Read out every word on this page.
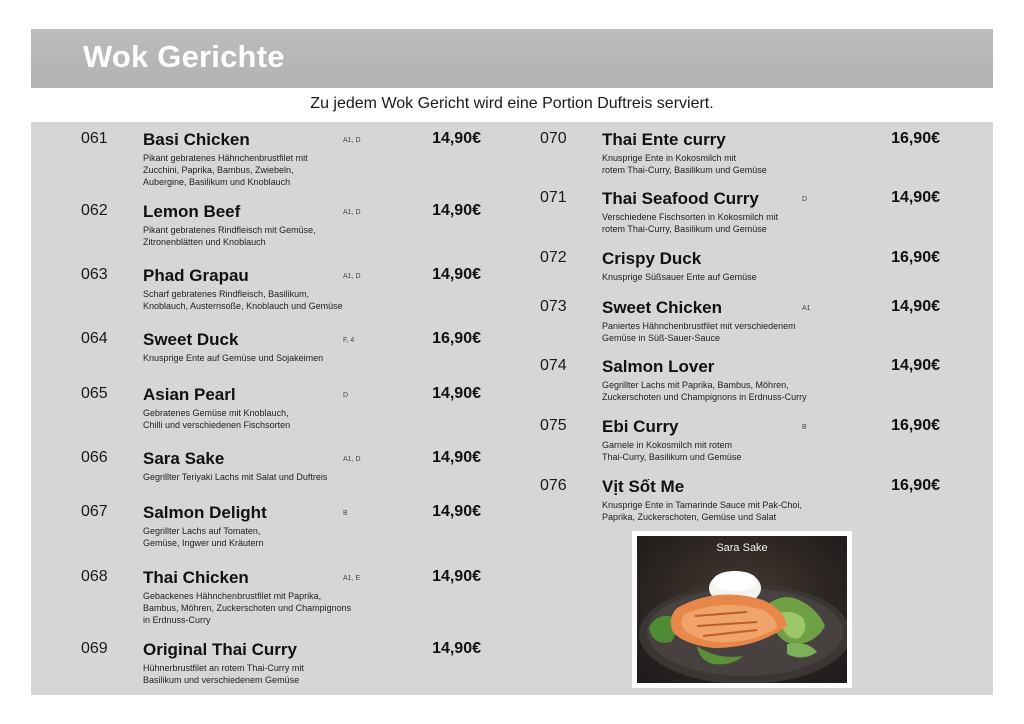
Wok Gerichte
Zu jedem Wok Gericht wird eine Portion Duftreis serviert.
061 Basi Chicken	A1, D	14,90€
Pikant gebratenes Hähnchenbrustfilet mit
Zucchini, Paprika, Bambus, Zwiebeln,
Aubergine, Basilikum und Knoblauch
062 Lemon Beef	A1, D	14,90€
Pikant gebratenes Rindfleisch mit Gemüse,
Zitronenblätten und Knoblauch
063 Phad Grapau	A1, D	14,90€
Scharf gebratenes Rindfleisch, Basilikum,
Knoblauch, Austernsoße, Knoblauch und Gemüse
064 Sweet Duck	F, 4	16,90€
Knusprige Ente auf Gemüse und Sojakeimen
065 Asian Pearl	D	14,90€
Gebratenes Gemüse mit Knoblauch,
Chilli und verschiedenen Fischsorten
066 Sara Sake	A1, D	14,90€
Gegrillter Teriyaki Lachs mit Salat und Duftreis
067 Salmon Delight	B	14,90€
Gegrillter Lachs auf Tomaten,
Gemüse, Ingwer und Kräutern
068 Thai Chicken	A1, E	14,90€
Gebackenes Hähnchenbrustfilet mit Paprika,
Bambus, Möhren, Zuckerschoten und Champignons
in Erdnuss-Curry
069 Original Thai Curry	14,90€
Hühnerbrustfilet an rotem Thai-Curry mit
Basilikum und verschiedenem Gemüse
070 Thai Ente curry	16,90€
Knusprige Ente in Kokosmilch mit
rotem Thai-Curry, Basilikum und Gemüse
071 Thai Seafood Curry	D	14,90€
Verschiedene Fischsorten in Kokosmilch mit
rotem Thai-Curry, Basilikum und Gemüse
072 Crispy Duck	16,90€
Knusprige Süßsauer Ente auf Gemüse
073 Sweet Chicken	A1	14,90€
Paniertes Hähnchenbrustfilet mit verschiedenem
Gemüse in Süß-Sauer-Sauce
074 Salmon Lover	14,90€
Gegrillter Lachs mit Paprika, Bambus, Möhren,
Zuckerschoten und Champignons in Erdnuss-Curry
075 Ebi Curry	B	16,90€
Garnele in Kokosmilch mit rotem
Thai-Curry, Basilikum und Gemüse
076 Vịt Sốt Me	16,90€
Knusprige Ente in Tamarinde Sauce mit Pak-Choi,
Paprika, Zuckerschoten, Gemüse und Salat
Sara Sake
